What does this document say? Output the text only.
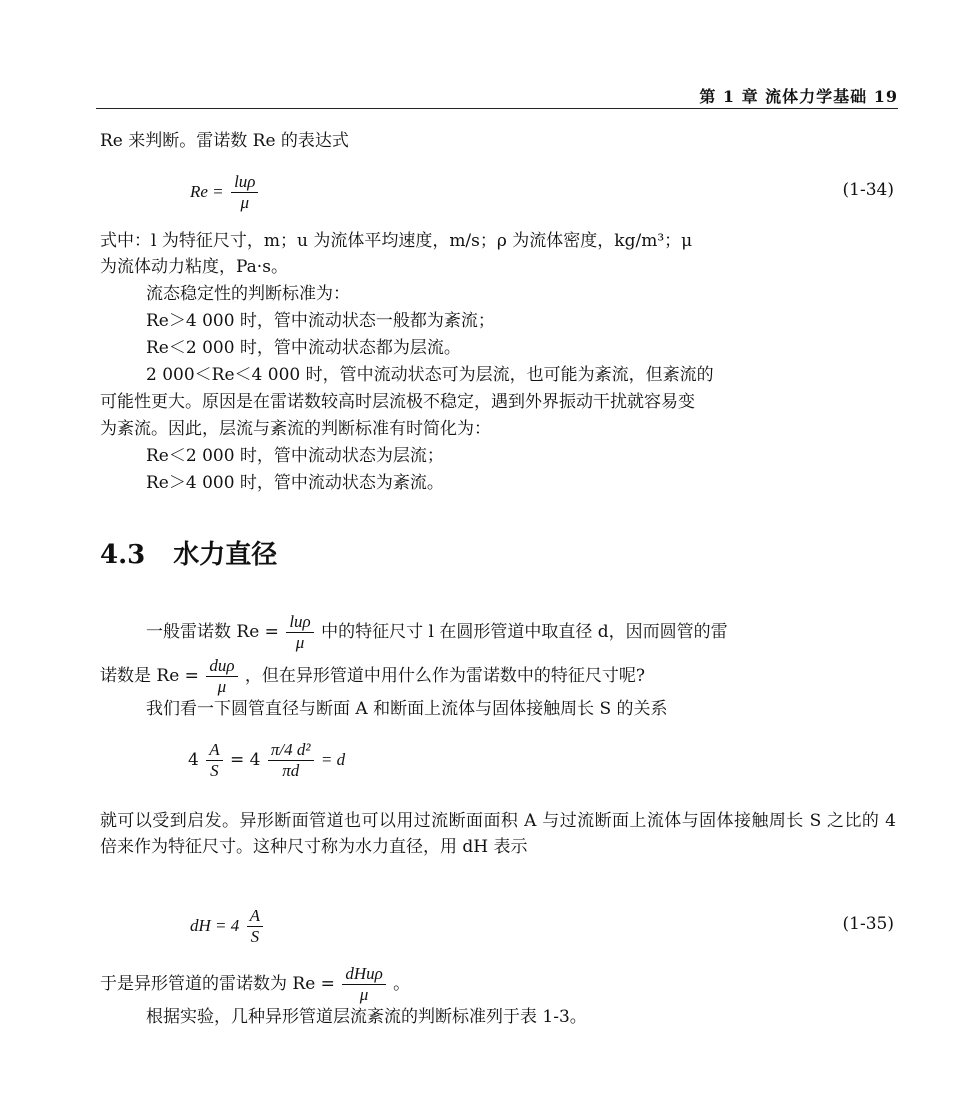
第 1 章 流体力学基础 19
Re 来判断。雷诺数 Re 的表达式
$Re = \frac{\text{luρ}}{\mu}$	(1-34)
式中：l 为特征尺寸，m；u 为流体平均速度，m/s；ρ 为流体密度，kg/m³；μ
为流体动力粘度，Pa·s。
流态稳定性的判断标准为：
Re＞4 000 时，管中流动状态一般都为紊流；
Re＜2 000 时，管中流动状态都为层流。
2 000＜Re＜4 000 时，管中流动状态可为层流，也可能为紊流，但紊流的
可能性更大。原因是在雷诺数较高时层流极不稳定，遇到外界振动干扰就容易变
为紊流。因此，层流与紊流的判断标准有时简化为：
Re＜2 000 时，管中流动状态为层流；
Re＞4 000 时，管中流动状态为紊流。
4.3 水力直径
一般雷诺数 $Re = \frac{\text{luρ}}{\mu}$ 中的特征尺寸 l 在圆形管道中取直径 d，因而圆管的雷
诺数是 $Re = \frac{\text{duρ}}{\mu}$ ，但在异形管道中用什么作为雷诺数中的特征尺寸呢?
我们看一下圆管直径与断面 A 和断面上流体与固体接触周长 S 的关系
$4 \frac{A}{S} = 4 \frac{\text{π/4 d²}}{\pi d} = d$
就可以受到启发。异形断面管道也可以用过流断面面积 A 与过流断面上流体与固体接触周长 S 之比的 4 倍来作为特征尺寸。这种尺寸称为水力直径，用 dH 表示
dH = $4 \frac{A}{S}$	(1-35)
于是异形管道的雷诺数为 $Re = \frac{\text{dHuρ}}{\mu}$ 。
根据实验，几种异形管道层流紊流的判断标准列于表 1-3。
